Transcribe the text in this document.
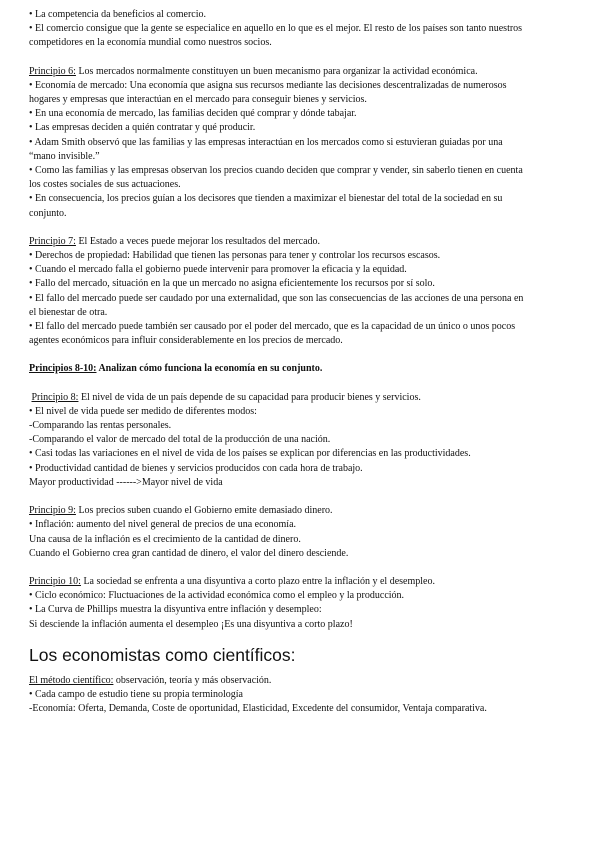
• La competencia da beneficios al comercio.
• El comercio consigue que la gente se especialice en aquello en lo que es el mejor. El resto de los países son tanto nuestros
competidores en la economía mundial como nuestros socios.
Principio 6: Los mercados normalmente constituyen un buen mecanismo para organizar la actividad económica.
• Economía de mercado: Una economía que asigna sus recursos mediante las decisiones descentralizadas de numerosos
hogares y empresas que interactúan en el mercado para conseguir bienes y servicios.
• En una economía de mercado, las familias deciden qué comprar y dónde tabajar.
• Las empresas deciden a quién contratar y qué producir.
• Adam Smith observó que las familias y las empresas interactúan en los mercados como si estuvieran guiadas por una
“mano invisible.”
• Como las familias y las empresas observan los precios cuando deciden que comprar y vender, sin saberlo tienen en cuenta
los costes sociales de sus actuaciones.
• En consecuencia, los precios guían a los decisores que tienden a maximizar el bienestar del total de la sociedad en su
conjunto.
Principio 7: El Estado a veces puede mejorar los resultados del mercado.
• Derechos de propiedad: Habilidad que tienen las personas para tener y controlar los recursos escasos.
• Cuando el mercado falla el gobierno puede intervenir para promover la eficacia y la equidad.
• Fallo del mercado, situación en la que un mercado no asigna eficientemente los recursos por sí solo.
• El fallo del mercado puede ser caudado por una externalidad, que son las consecuencias de las acciones de una persona en
el bienestar de otra.
• El fallo del mercado puede también ser causado por el poder del mercado, que es la capacidad de un único o unos pocos
agentes económicos para influir considerablemente en los precios de mercado.
Principios 8-10: Analizan cómo funciona la economía en su conjunto.
Principio 8: El nivel de vida de un país depende de su capacidad para producir bienes y servicios.
• El nivel de vida puede ser medido de diferentes modos:
-Comparando las rentas personales.
-Comparando el valor de mercado del total de la producción de una nación.
• Casi todas las variaciones en el nivel de vida de los países se explican por diferencias en las productividades.
• Productividad cantidad de bienes y servicios producidos con cada hora de trabajo.
Mayor productividad ------>Mayor nivel de vida
Principio 9: Los precios suben cuando el Gobierno emite demasiado dinero.
• Inflación: aumento del nivel general de precios de una economía.
Una causa de la inflación es el crecimiento de la cantidad de dinero.
Cuando el Gobierno crea gran cantidad de dinero, el valor del dinero desciende.
Principio 10: La sociedad se enfrenta a una disyuntiva a corto plazo entre la inflación y el desempleo.
• Ciclo económico: Fluctuaciones de la actividad económica como el empleo y la producción.
• La Curva de Phillips muestra la disyuntiva entre inflación y desempleo:
Si desciende la inflación aumenta el desempleo ¡Es una disyuntiva a corto plazo!
Los economistas como científicos:
El método científico: observación, teoría y más observación.
• Cada campo de estudio tiene su propia terminología
-Economía: Oferta, Demanda, Coste de oportunidad, Elasticidad, Excedente del consumidor, Ventaja comparativa.
